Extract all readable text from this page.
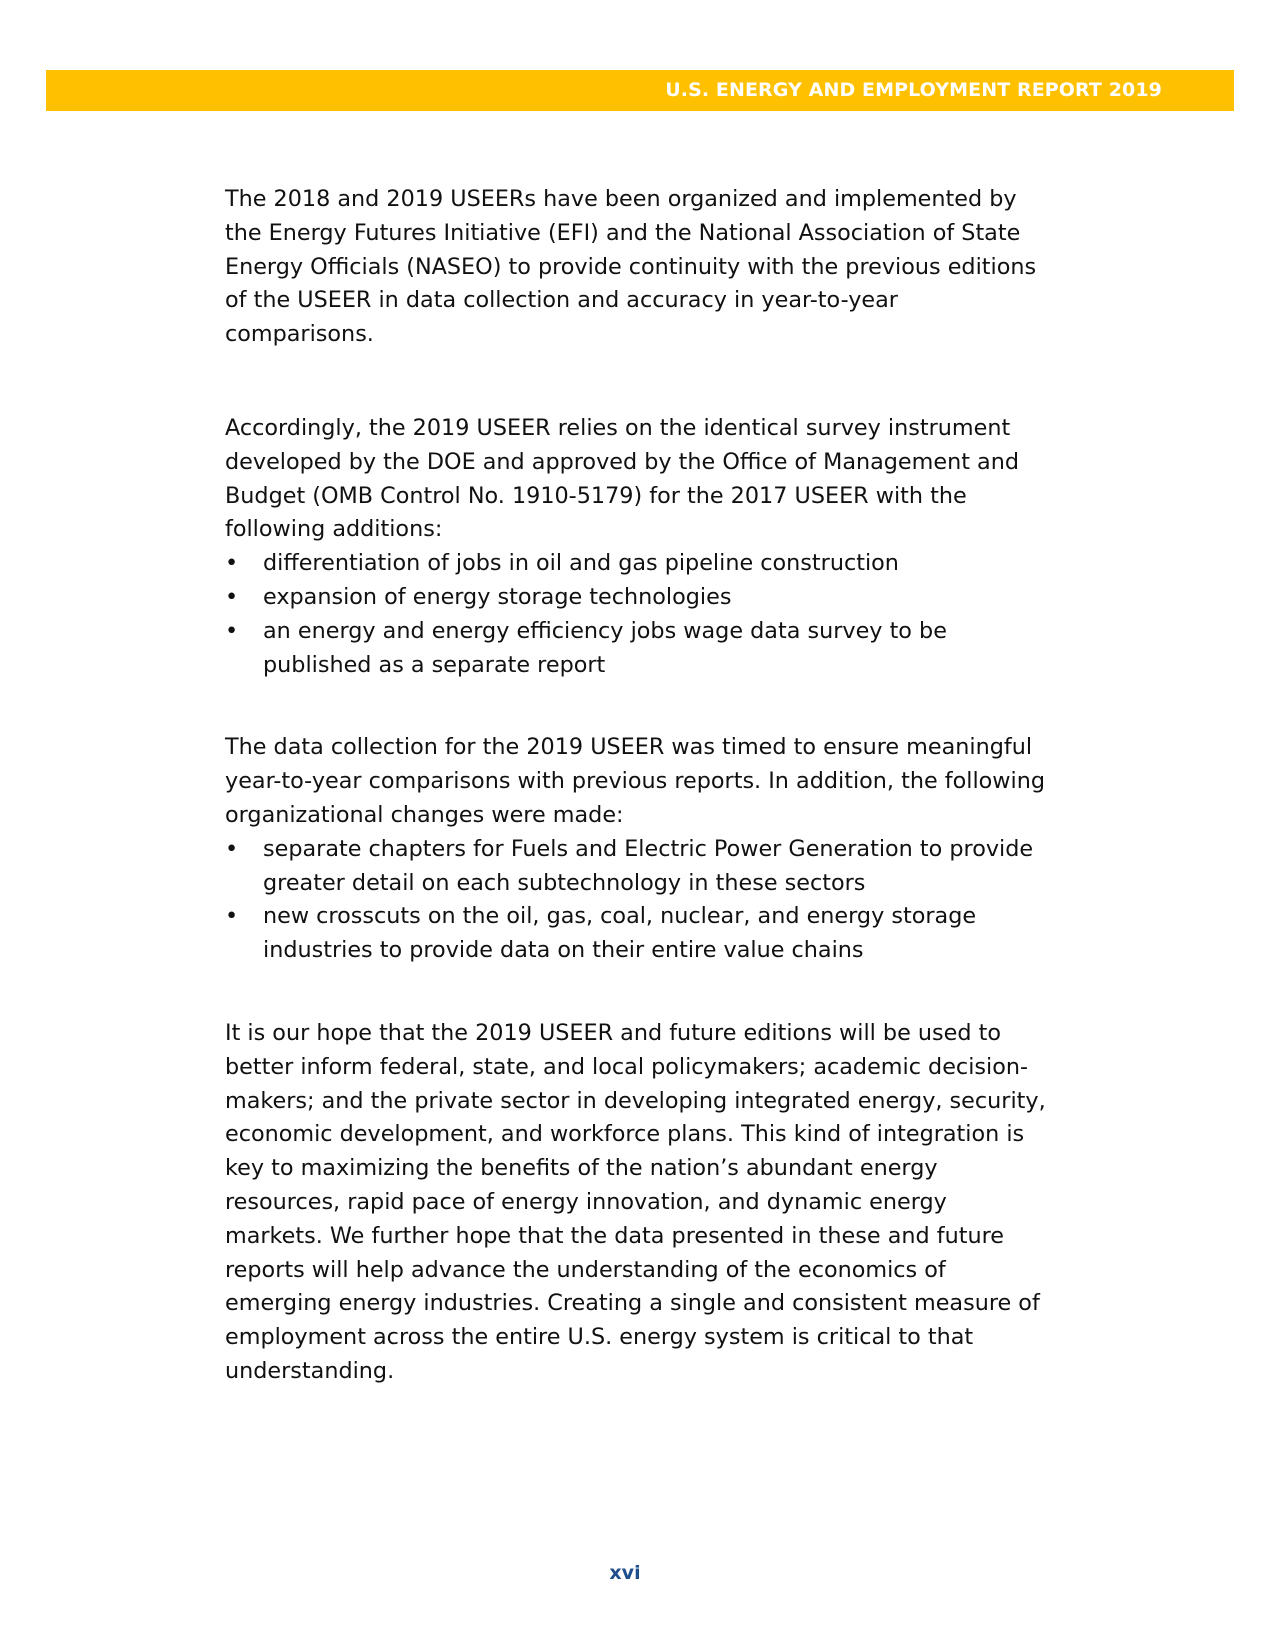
U.S. ENERGY AND EMPLOYMENT REPORT 2019

The 2018 and 2019 USEERs have been organized and implemented by the Energy Futures Initiative (EFI) and the National Association of State Energy Officials (NASEO) to provide continuity with the previous editions of the USEER in data collection and accuracy in year-to-year comparisons.

Accordingly, the 2019 USEER relies on the identical survey instrument developed by the DOE and approved by the Office of Management and Budget (OMB Control No. 1910-5179) for the 2017 USEER with the following additions:

•	differentiation of jobs in oil and gas pipeline construction
•	expansion of energy storage technologies
•	an energy and energy efficiency jobs wage data survey to be published as a separate report

The data collection for the 2019 USEER was timed to ensure meaningful year-to-year comparisons with previous reports. In addition, the following organizational changes were made:

•	separate chapters for Fuels and Electric Power Generation to provide greater detail on each subtechnology in these sectors
•	new crosscuts on the oil, gas, coal, nuclear, and energy storage industries to provide data on their entire value chains

It is our hope that the 2019 USEER and future editions will be used to better inform federal, state, and local policymakers; academic decision-makers; and the private sector in developing integrated energy, security, economic development, and workforce plans. This kind of integration is key to maximizing the benefits of the nation’s abundant energy resources, rapid pace of energy innovation, and dynamic energy markets. We further hope that the data presented in these and future reports will help advance the understanding of the economics of emerging energy industries. Creating a single and consistent measure of employment across the entire U.S. energy system is critical to that understanding.

xvi
